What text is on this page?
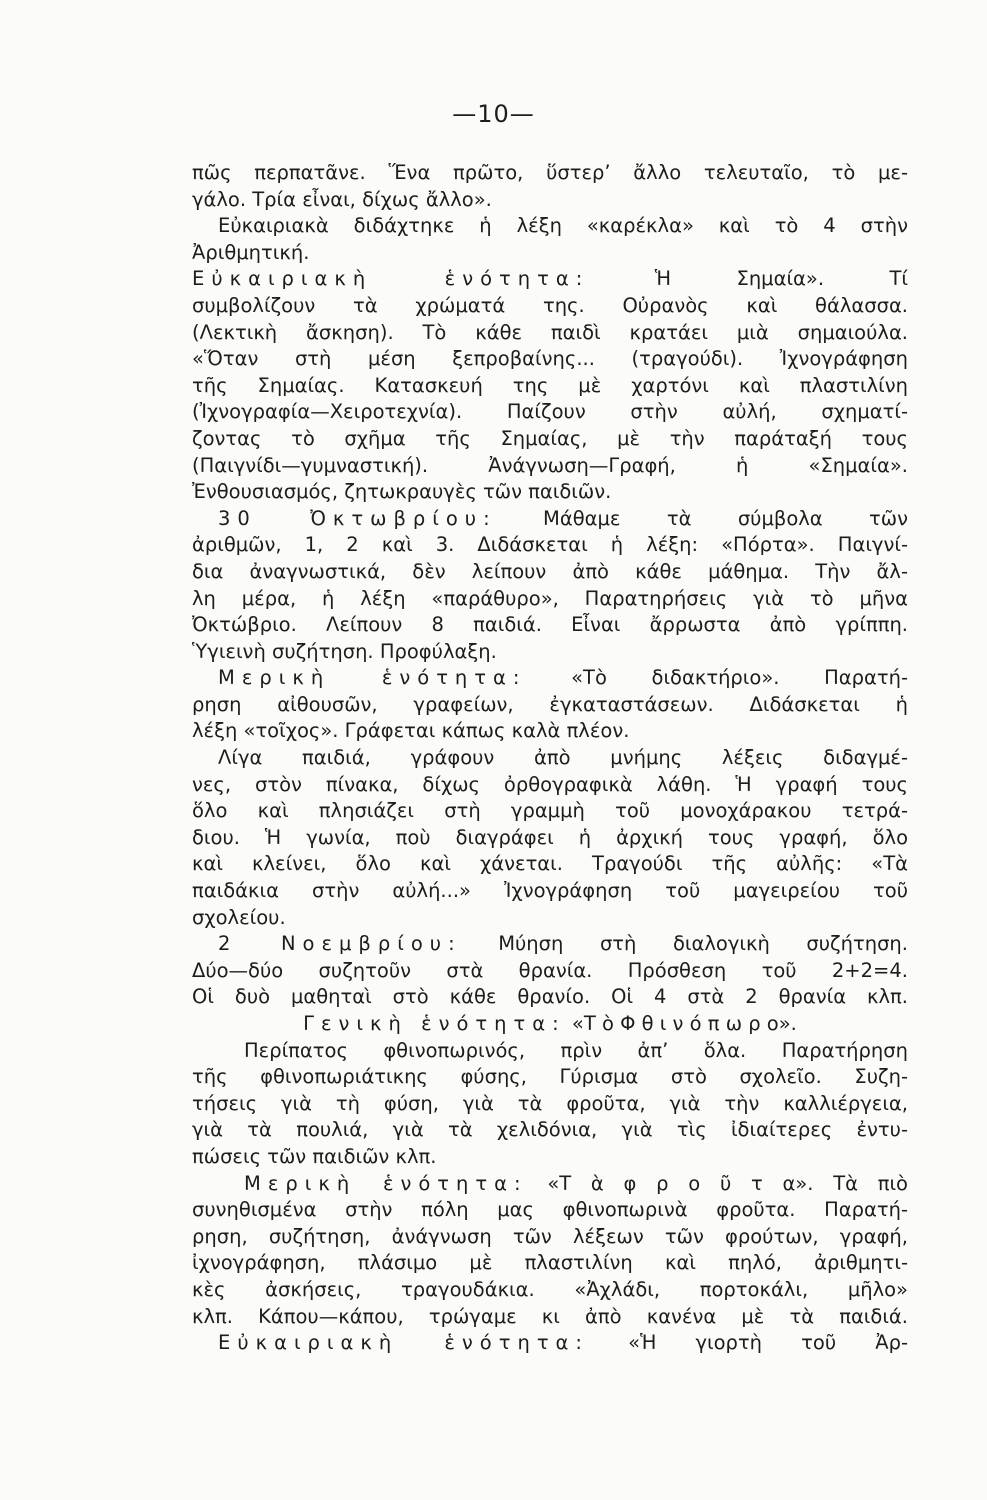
—10—
πῶς περπατᾶνε. Ἕνα πρῶτο, ὕστερ’ ἄλλο τελευταῖο, τὸ με-
γάλο. Τρία εἶναι, δίχως ἄλλο».
Εὐκαιριακὰ διδάχτηκε ἡ λέξη «καρέκλα» καὶ τὸ 4 στὴν
Ἀριθμητική.
Εὐκαιριακὴ ἑνότητα:	Ἡ Σημαία». Τί
συμβολίζουν τὰ χρώματά της. Οὐρανὸς καὶ θάλασσα.
(Λεκτικὴ ἄσκηση). Τὸ κάθε παιδὶ κρατάει μιὰ σημαιούλα.
«Ὅταν στὴ μέση ξεπροβαίνης... (τραγούδι). Ἰχνογράφηση
τῆς Σημαίας. Κατασκευή της μὲ χαρτόνι καὶ πλαστιλίνη
(Ἰχνογραφία—Χειροτεχνία). Παίζουν στὴν αὐλή, σχηματί-
ζοντας τὸ σχῆμα τῆς Σημαίας, μὲ τὴν παράταξή τους
(Παιγνίδι—γυμναστική). Ἀνάγνωση—Γραφή, ἡ «Σημαία».
Ἐνθουσιασμός, ζητωκραυγὲς τῶν παιδιῶν.
30 Ὀκτωβρίου: Μάθαμε τὰ σύμβολα τῶν
ἀριθμῶν, 1, 2 καὶ 3. Διδάσκεται ἡ λέξη: «Πόρτα». Παιγνί-
δια ἀναγνωστικά, δὲν λείπουν ἀπὸ κάθε μάθημα. Τὴν ἄλ-
λη μέρα, ἡ λέξη «παράθυρο», Παρατηρήσεις γιὰ τὸ μῆνα
Ὀκτώβριο. Λείπουν 8 παιδιά. Εἶναι ἄρρωστα ἀπὸ γρίππη.
Ὑγιεινὴ συζήτηση. Προφύλαξη.
Μερικὴ ἑνότητα: «Τὸ διδακτήριο». Παρατή-
ρηση αἰθουσῶν, γραφείων, ἐγκαταστάσεων. Διδάσκεται ἡ
λέξη «τοῖχος». Γράφεται κάπως καλὰ πλέον.
Λίγα παιδιά, γράφουν ἀπὸ μνήμης λέξεις διδαγμέ-
νες, στὸν πίνακα, δίχως ὀρθογραφικὰ λάθη. Ἡ γραφή τους
ὅλο καὶ πλησιάζει στὴ γραμμὴ τοῦ μονοχάρακου τετρά-
διου. Ἡ γωνία, ποὺ διαγράφει ἡ ἀρχική τους γραφή, ὅλο
καὶ κλείνει, ὅλο καὶ χάνεται. Τραγούδι τῆς αὐλῆς: «Τὰ
παιδάκια στὴν αὐλή...» Ἰχνογράφηση τοῦ μαγειρείου τοῦ
σχολείου.
2 Νοεμβρίου: Μύηση στὴ διαλογικὴ συζήτηση.
Δύο—δύο συζητοῦν στὰ θρανία. Πρόσθεση τοῦ 2+2=4.
Οἱ δυὸ μαθηταὶ στὸ κάθε θρανίο. Οἱ 4 στὰ 2 θρανία κλπ.
Γενικὴ ἑνότητα: «Τ ὸ Φ θ ι ν ό π ω ρ ο».
Περίπατος φθινοπωρινός, πρὶν ἀπ’ ὅλα. Παρατήρηση
τῆς φθινοπωριάτικης φύσης, Γύρισμα στὸ σχολεῖο. Συζη-
τήσεις γιὰ τὴ φύση, γιὰ τὰ φροῦτα, γιὰ τὴν καλλιέργεια,
γιὰ τὰ πουλιά, γιὰ τὰ χελιδόνια, γιὰ τὶς ἰδιαίτερες ἐντυ-
πώσεις τῶν παιδιῶν κλπ.
Μερικὴ ἑνότητα: «Τ ὰ φ ρ ο ῦ τ α». Τὰ πιὸ
συνηθισμένα στὴν πόλη μας φθινοπωρινὰ φροῦτα. Παρατή-
ρηση, συζήτηση, ἀνάγνωση τῶν λέξεων τῶν φρούτων, γραφή,
ἰχνογράφηση, πλάσιμο μὲ πλαστιλίνη καὶ πηλό, ἀριθμητι-
κὲς ἀσκήσεις, τραγουδάκια. «Ἀχλάδι, πορτοκάλι, μῆλο»
κλπ. Κάπου—κάπου, τρώγαμε κι ἀπὸ κανένα μὲ τὰ παιδιά.
Εὐκαιριακὴ ἑνότητα: «Ἡ γιορτὴ τοῦ Ἀρ-
